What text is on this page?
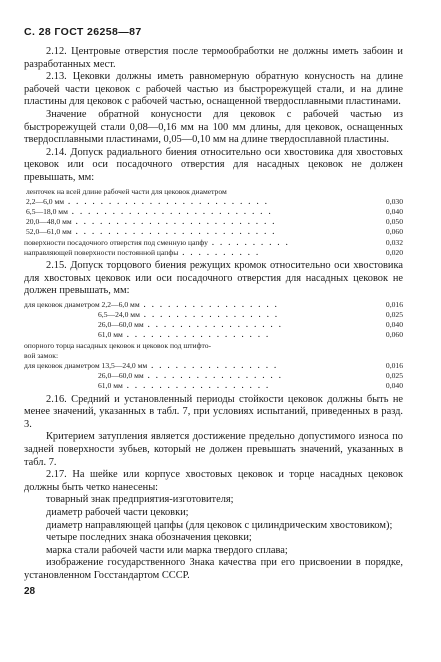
С. 28 ГОСТ 26258—87

2.12. Центровые отверстия после термообработки не должны иметь забоин и разработанных мест.

2.13. Цековки должны иметь равномерную обратную конусность на длине рабочей части цековок с рабочей частью из быстрорежущей стали, и на длине пластины для цековок с рабочей частью, оснащенной твердосплавными пластинами.

Значение обратной конусности для цековок с рабочей частью из быстрорежущей стали 0,08—0,16 мм на 100 мм длины, для цековок, оснащенных твердосплавными пластинами, 0,05—0,10 мм на длине твердосплавной пластины.

2.14. Допуск радиального биения относительно оси хвостовика для хвостовых цековок или оси посадочного отверстия для насадных цековок не должен превышать, мм:

ленточек на всей длине рабочей части для цековок диаметром
2,2—6,0 мм . . . . . . . . . . . . . . . . . . . . . . . . .	0,030
6,5—18,0 мм . . . . . . . . . . . . . . . . . . . . . . . . .	0,040
20,0—48,0 мм . . . . . . . . . . . . . . . . . . . . . . . . .	0,050
52,0—61,0 мм . . . . . . . . . . . . . . . . . . . . . . . . .	0,060
поверхности посадочного отверстия под сменную цапфу . . . . . . . . . .	0,032
направляющей поверхности постоянной цапфы . . . . . . . . . .	0,020

2.15. Допуск торцового биения режущих кромок относительно оси хвостовика для хвостовых цековок или оси посадочного отверстия для насадных цековок не должен превышать, мм:

для цековок диаметром 2,2—6,0 мм . . . . . . . . . . . . . . . . .	0,016
6,5—24,0 мм . . . . . . . . . . . . . . . . .	0,025
26,0—60,0 мм . . . . . . . . . . . . . . . . .	0,040
61,0 мм . . . . . . . . . . . . . . . . . .	0,060
опорного торца насадных цековок и цековок под штифто-
вой замок:
для цековок диаметром 13,5—24,0 мм . . . . . . . . . . . . . . . .	0,016
26,0—60,0 мм . . . . . . . . . . . . . . . . .	0,025
61,0 мм . . . . . . . . . . . . . . . . . .	0,040

2.16. Средний и установленный периоды стойкости цековок должны быть не менее значений, указанных в табл. 7, при условиях испытаний, приведенных в разд. 3.

Критерием затупления является достижение предельно допустимого износа по задней поверхности зубьев, который не должен превышать значений, указанных в табл. 7.

2.17. На шейке или корпусе хвостовых цековок и торце насадных цековок должны быть четко нанесены:

товарный знак предприятия-изготовителя;

диаметр рабочей части цековки;

диаметр направляющей цапфы (для цековок с цилиндрическим хвостовиком);

четыре последних знака обозначения цековки;

марка стали рабочей части или марка твердого сплава;

изображение государственного Знака качества при его присвоении в порядке, установленном Госстандартом СССР.

28
